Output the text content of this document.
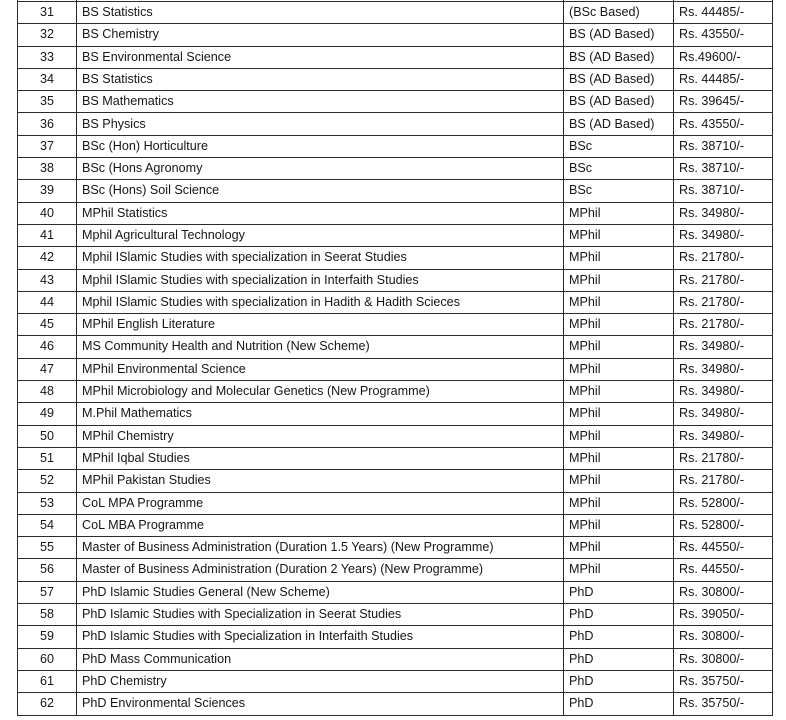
31	BS Statistics	(BSc Based)	Rs. 44485/-
32	BS Chemistry	BS (AD Based)	Rs. 43550/-
33	BS Environmental Science	BS (AD Based)	Rs.49600/-
34	BS Statistics	BS (AD Based)	Rs. 44485/-
35	BS Mathematics	BS (AD Based)	Rs. 39645/-
36	BS Physics	BS (AD Based)	Rs. 43550/-
37	BSc (Hon) Horticulture	BSc	Rs. 38710/-
38	BSc (Hons Agronomy	BSc	Rs. 38710/-
39	BSc (Hons) Soil Science	BSc	Rs. 38710/-
40	MPhil Statistics	MPhil	Rs. 34980/-
41	Mphil Agricultural Technology	MPhil	Rs. 34980/-
42	Mphil ISlamic Studies with specialization in Seerat Studies	MPhil	Rs. 21780/-
43	Mphil ISlamic Studies with specialization in Interfaith Studies	MPhil	Rs. 21780/-
44	Mphil ISlamic Studies with specialization in Hadith & Hadith Scieces	MPhil	Rs. 21780/-
45	MPhil English Literature	MPhil	Rs. 21780/-
46	MS Community Health and Nutrition (New Scheme)	MPhil	Rs. 34980/-
47	MPhil Environmental Science	MPhil	Rs. 34980/-
48	MPhil Microbiology and Molecular Genetics (New Programme)	MPhil	Rs. 34980/-
49	M.Phil Mathematics	MPhil	Rs. 34980/-
50	MPhil Chemistry	MPhil	Rs. 34980/-
51	MPhil Iqbal Studies	MPhil	Rs. 21780/-
52	MPhil Pakistan Studies	MPhil	Rs. 21780/-
53	CoL MPA Programme	MPhil	Rs. 52800/-
54	CoL MBA Programme	MPhil	Rs. 52800/-
55	Master of Business Administration (Duration 1.5 Years) (New Programme)	MPhil	Rs. 44550/-
56	Master of Business Administration (Duration 2 Years) (New Programme)	MPhil	Rs. 44550/-
57	PhD Islamic Studies General (New Scheme)	PhD	Rs. 30800/-
58	PhD Islamic Studies with Specialization in Seerat Studies	PhD	Rs. 39050/-
59	PhD Islamic Studies with Specialization in Interfaith Studies	PhD	Rs. 30800/-
60	PhD Mass Communication	PhD	Rs. 30800/-
61	PhD Chemistry	PhD	Rs. 35750/-
62	PhD Environmental Sciences	PhD	Rs. 35750/-
